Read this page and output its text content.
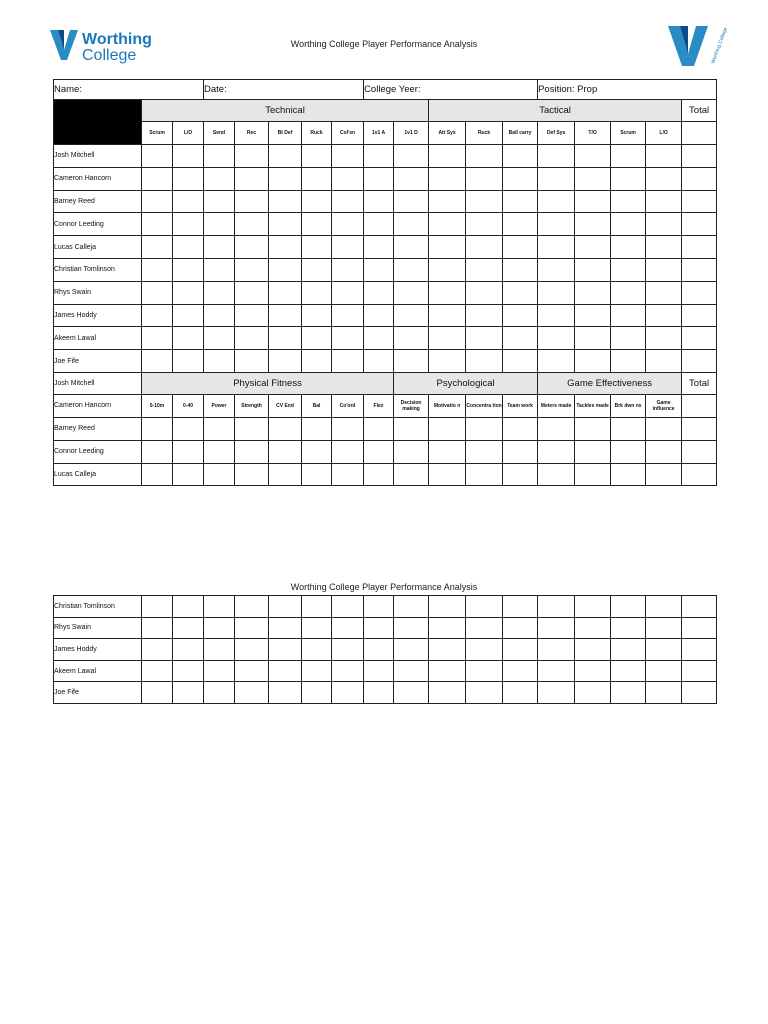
Worthing
College	Worthing College
Worthing College Player Performance Analysis
Name:			Date:					College Yeer:					Position: Prop				
	Technical									Tactical							Total
	Scrum	L/O	Send	Rec	Bt Def	Ruck	Col'sn	1v1 A	1v1 D	Att Sys	Ruck	Ball carry	Def Sys	T/O	Scrum	L/O	
Josh Mitchell																	
Cameron Hancorn																	
Barney Reed																	
Connor Leeding																	
Lucas Calleja																	
Christian Tomlinson																	
Rhys Swain																	
James Hoddy																	
Akeem Lawal																	
Joe Fife																	
Josh Mitchell	Physical Fitness								Psychological				Game Effectiveness				Total
Cameron Hancorn	0-10m	0-40	Power	Strength	CV End	Bal	Co'ord	Flex	Decision making	Motivatio n	Concentra tion	Team work	Meters made	Tackles made	Brk dwn ns	Game influence	
Barney Reed																	
Connor Leeding																	
Lucas Calleja																	
Worthing College Player Performance Analysis
Christian Tomlinson																	
Rhys Swain																	
James Hoddy																	
Akeem Lawal																	
Joe Fife																	
